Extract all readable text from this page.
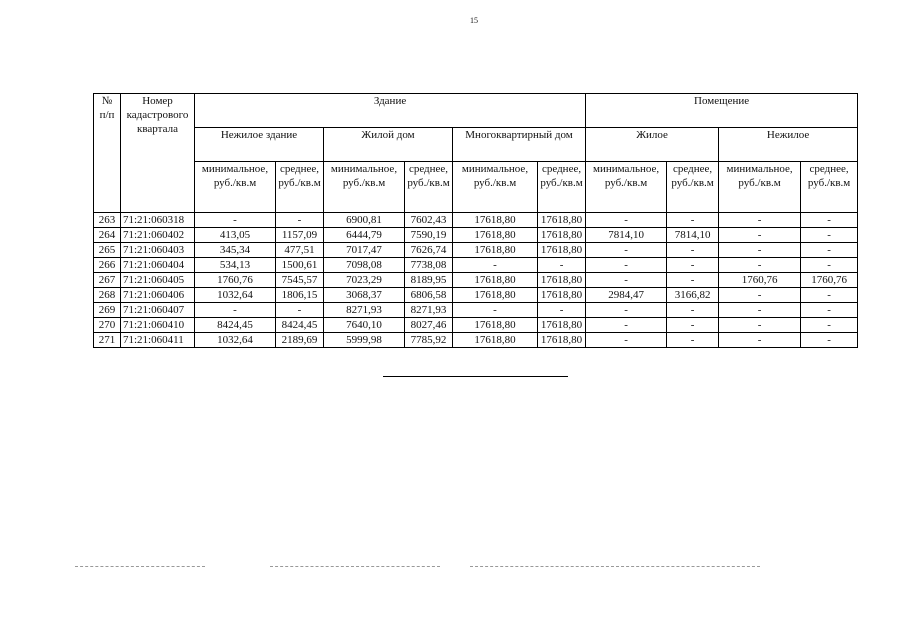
15
№ п/п	Номер кадастрового квартала	Здание						Помещение			
		Нежилое здание		Жилой дом		Многоквартирный дом		Жилое		Нежилое	
		минимальное, руб./кв.м	среднее, руб./кв.м	минимальное, руб./кв.м	среднее, руб./кв.м	минимальное, руб./кв.м	среднее, руб./кв.м	минимальное, руб./кв.м	среднее, руб./кв.м	минимальное, руб./кв.м	среднее, руб./кв.м
263	71:21:060318	-	-	6900,81	7602,43	17618,80	17618,80	-	-	-	-
264	71:21:060402	413,05	1157,09	6444,79	7590,19	17618,80	17618,80	7814,10	7814,10	-	-
265	71:21:060403	345,34	477,51	7017,47	7626,74	17618,80	17618,80	-	-	-	-
266	71:21:060404	534,13	1500,61	7098,08	7738,08	-	-	-	-	-	-
267	71:21:060405	1760,76	7545,57	7023,29	8189,95	17618,80	17618,80	-	-	1760,76	1760,76
268	71:21:060406	1032,64	1806,15	3068,37	6806,58	17618,80	17618,80	2984,47	3166,82	-	-
269	71:21:060407	-	-	8271,93	8271,93	-	-	-	-	-	-
270	71:21:060410	8424,45	8424,45	7640,10	8027,46	17618,80	17618,80	-	-	-	-
271	71:21:060411	1032,64	2189,69	5999,98	7785,92	17618,80	17618,80	-	-	-	-
